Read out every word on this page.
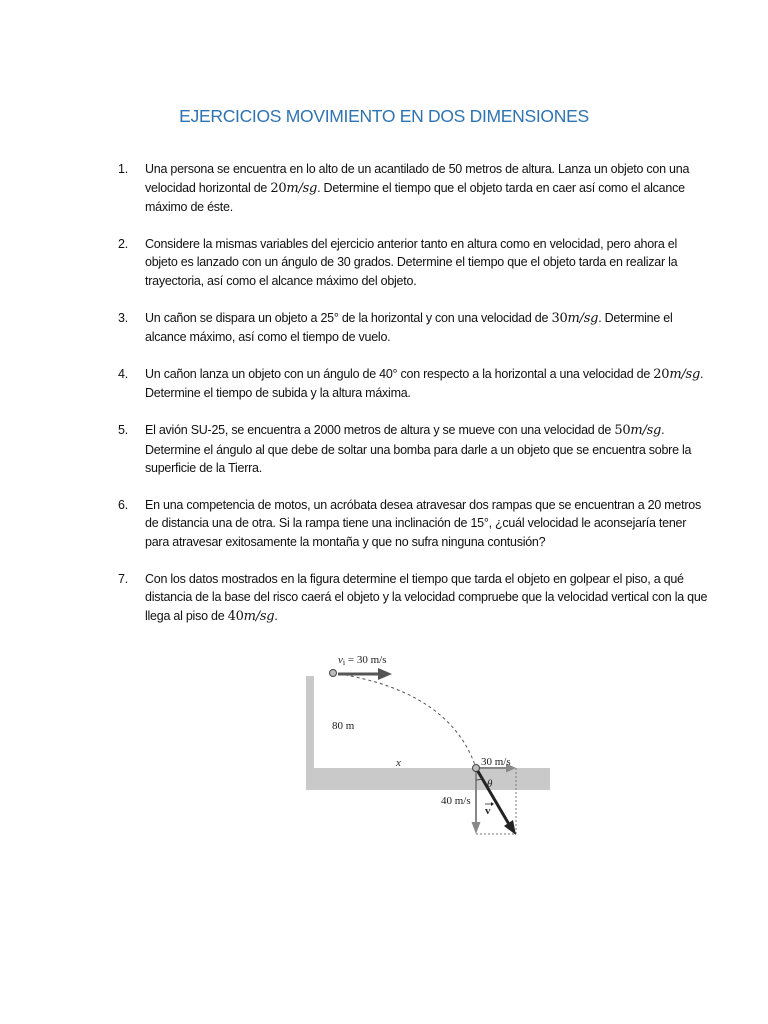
EJERCICIOS MOVIMIENTO EN DOS DIMENSIONES
1. Una persona se encuentra en lo alto de un acantilado de 50 metros de altura. Lanza un objeto con una velocidad horizontal de 20m/sg. Determine el tiempo que el objeto tarda en caer así como el alcance máximo de éste.
2. Considere la mismas variables del ejercicio anterior tanto en altura como en velocidad, pero ahora el objeto es lanzado con un ángulo de 30 grados. Determine el tiempo que el objeto tarda en realizar la trayectoria, así como el alcance máximo del objeto.
3. Un cañon se dispara un objeto a 25° de la horizontal y con una velocidad de 30m/sg. Determine el alcance máximo, así como el tiempo de vuelo.
4. Un cañon lanza un objeto con un ángulo de 40° con respecto a la horizontal a una velocidad de 20m/sg. Determine el tiempo de subida y la altura máxima.
5. El avión SU-25, se encuentra a 2000 metros de altura y se mueve con una velocidad de 50m/sg. Determine el ángulo al que debe de soltar una bomba para darle a un objeto que se encuentra sobre la superficie de la Tierra.
6. En una competencia de motos, un acróbata desea atravesar dos rampas que se encuentran a 20 metros de distancia una de otra. Si la rampa tiene una inclinación de 15°, ¿cuál velocidad le aconsejaría tener para atravesar exitosamente la montaña y que no sufra ninguna contusión?
7. Con los datos mostrados en la figura determine el tiempo que tarda el objeto en golpear el piso, a qué distancia de la base del risco caerá el objeto y la velocidad compruebe que la velocidad vertical con la que llega al piso de 40m/sg.
vi = 30 m/s
80 m
x	30 m/s
40 m/s
θ
v
